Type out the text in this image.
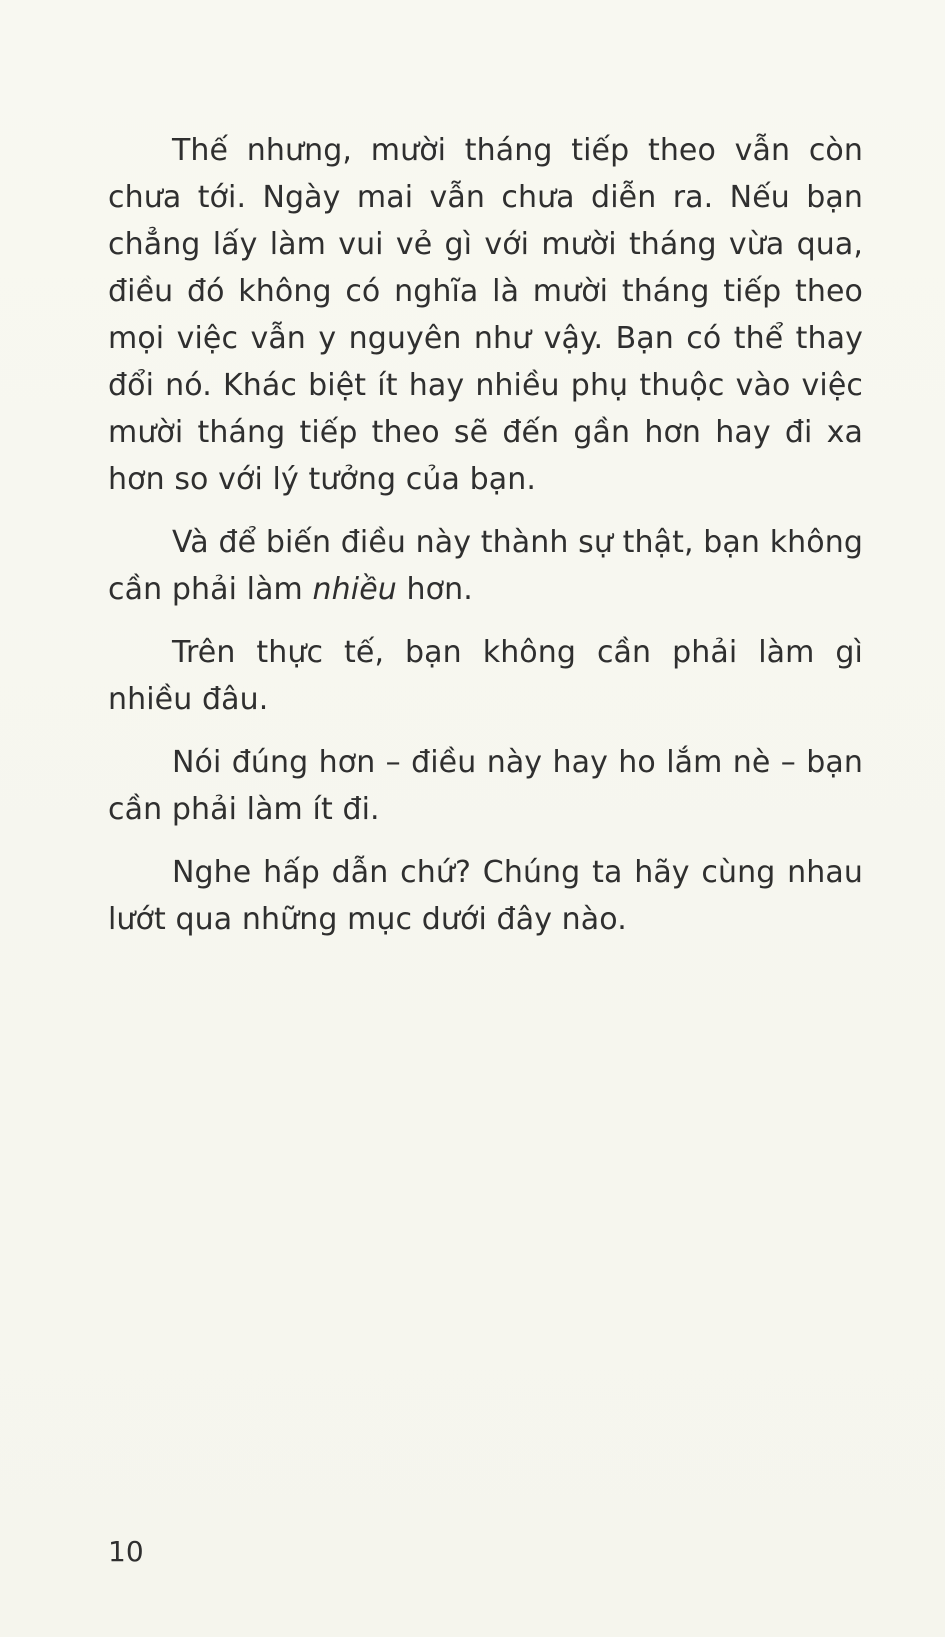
Thế nhưng, mười tháng tiếp theo vẫn còn chưa tới. Ngày mai vẫn chưa diễn ra. Nếu bạn chẳng lấy làm vui vẻ gì với mười tháng vừa qua, điều đó không có nghĩa là mười tháng tiếp theo mọi việc vẫn y nguyên như vậy. Bạn có thể thay đổi nó. Khác biệt ít hay nhiều phụ thuộc vào việc mười tháng tiếp theo sẽ đến gần hơn hay đi xa hơn so với lý tưởng của bạn.

Và để biến điều này thành sự thật, bạn không cần phải làm nhiều hơn.

Trên thực tế, bạn không cần phải làm gì nhiều đâu.

Nói đúng hơn – điều này hay ho lắm nè – bạn cần phải làm ít đi.

Nghe hấp dẫn chứ? Chúng ta hãy cùng nhau lướt qua những mục dưới đây nào.

10
